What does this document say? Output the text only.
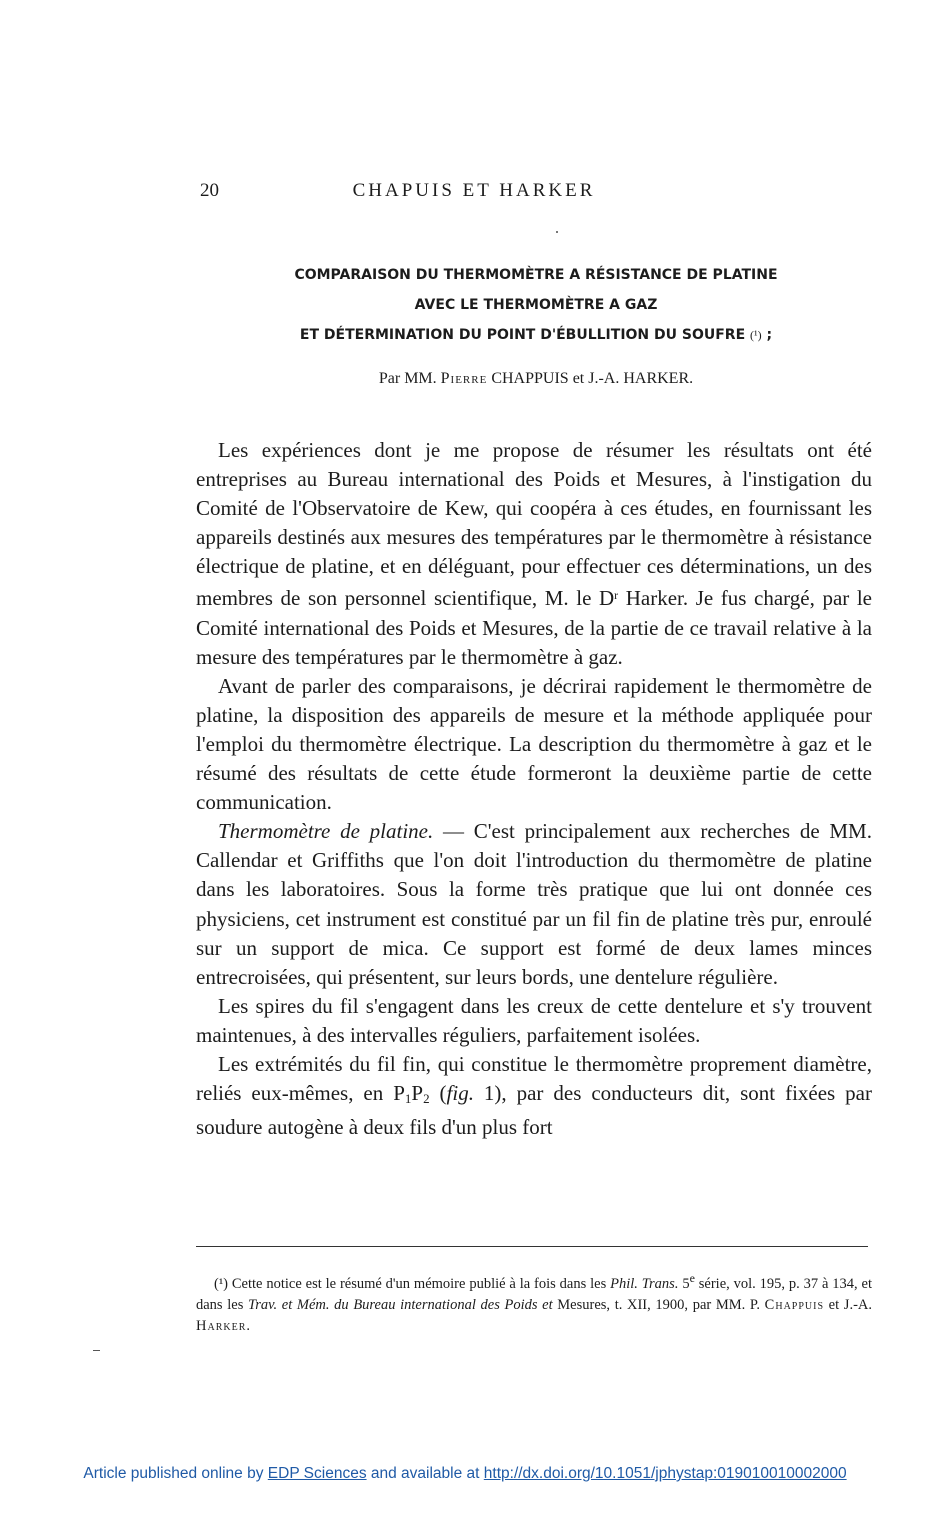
20	CHAPUIS ET HARKER
COMPARAISON DU THERMOMÈTRE A RÉSISTANCE DE PLATINE
AVEC LE THERMOMÈTRE A GAZ
ET DÉTERMINATION DU POINT D'ÉBULLITION DU SOUFRE (¹) ;
Par MM. Pierre CHAPPUIS et J.-A. HARKER.

Les expériences dont je me propose de résumer les résultats ont été entreprises au Bureau international des Poids et Mesures, à l'instigation du Comité de l'Observatoire de Kew, qui coopéra à ces études, en fournissant les appareils destinés aux mesures des températures par le thermomètre à résistance électrique de platine, et en déléguant, pour effectuer ces déterminations, un des membres de son personnel scientifique, M. le $D^r$ Harker. Je fus chargé, par le Comité international des Poids et Mesures, de la partie de ce travail relative à la mesure des températures par le thermomètre à gaz.

Avant de parler des comparaisons, je décrirai rapidement le thermomètre de platine, la disposition des appareils de mesure et la méthode appliquée pour l'emploi du thermomètre électrique. La description du thermomètre à gaz et le résumé des résultats de cette étude formeront la deuxième partie de cette communication.

Thermomètre de platine. — C'est principalement aux recherches de MM. Callendar et Griffiths que l'on doit l'introduction du thermomètre de platine dans les laboratoires. Sous la forme très pratique que lui ont donnée ces physiciens, cet instrument est constitué par un fil fin de platine très pur, enroulé sur un support de mica. Ce support est formé de deux lames minces entrecroisées, qui présentent, sur leurs bords, une dentelure régulière.

Les spires du fil s'engagent dans les creux de cette dentelure et s'y trouvent maintenues, à des intervalles réguliers, parfaitement isolées.

Les extrémités du fil fin, qui constitue le thermomètre proprement diamètre, reliés eux-mêmes, en $P_1P_2$ (fig. 1), par des conducteurs dit, sont fixées par soudure autogène à deux fils d'un plus fort

(¹) Cette notice est le résumé d'un mémoire publié à la fois dans les Phil. Trans. 5e série, vol. 195, p. 37 à 134, et dans les Trav. et Mém. du Bureau international des Poids et Mesures, t. XII, 1900, par MM. P. Chappuis et J.-A. Harker.
Article published online by EDP Sciences and available at http://dx.doi.org/10.1051/jphystap:019010010002000
